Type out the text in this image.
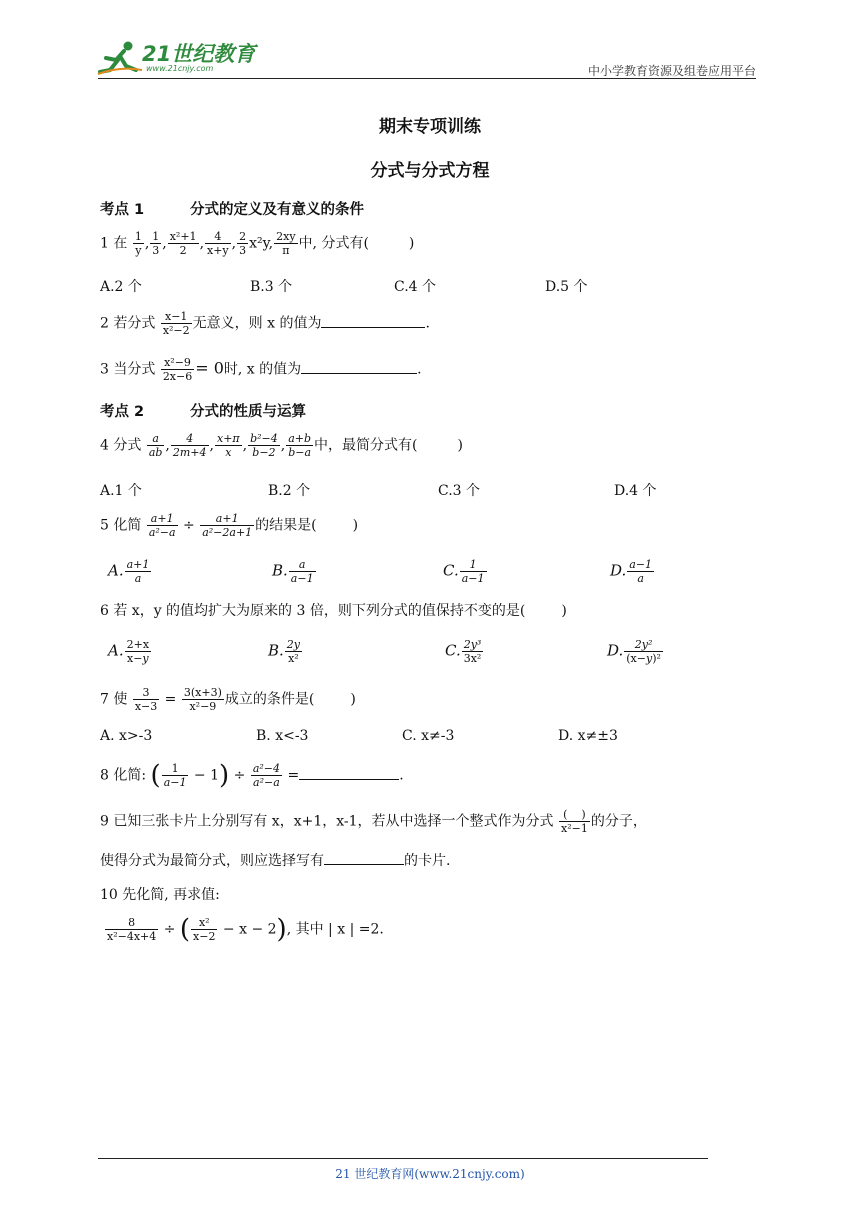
21世纪教育
www.21cnjy.com	中小学教育资源及组卷应用平台
期末专项训练
分式与分式方程
考点 1	分式的定义及有意义的条件
1 在 $\frac{1}{y}$ , $\frac{1}{3}$ , $\frac{\text{x²+1}}{2}$ , $\frac{4}{x+y}$ , $\frac{2}{3} x^2y$, $\frac{2xy}{\pi}$ 中, 分式有(	)
A.2 个	B.3 个	C.4 个	D.5 个
2 若分式 $\frac{x-1}{\text{x²−2}}$ 无意义，则 x 的值为	.
3 当分式 $\frac{\text{x²−9}}{2x-6} = 0$时, x 的值为	.
考点 2	分式的性质与运算
4 分式 $\frac{a}{ab}$ , $\frac{4}{2m+4}$ , $\frac{x+\pi}{x}$ , $\frac{\text{b²−4}}{b-2}$ , $\frac{a+b}{b-a}$ 中，最简分式有(	)
A.1 个	B.2 个	C.3 个	D.4 个
5 化简 $\frac{a+1}{\text{a²−a}} \div \frac{a+1}{\text{a²−2a+1}}$ 的结果是(	)
A. $\frac{a+1}{a}$	B. $\frac{a}{a-1}$	C. $\frac{1}{a-1}$	D. $\frac{a-1}{a}$
6 若 x，y 的值均扩大为原来的 3 倍，则下列分式的值保持不变的是(	)
A. $\frac{2+x}{x-y}$	B. $\frac{2y}{\text{x²}}$	C. $\frac{\text{2y³}}{\text{3x²}}$	D. $\frac{\text{2y²}}{\text{(x−y)²}}$
7 使 $\frac{3}{x-3} = \frac{3(x+3)}{\text{x²−9}}$ 成立的条件是(	)
A. x>-3	B. x<-3	C. x≠-3	D. x≠±3
8 化简: ( $\frac{1}{a-1} - 1) \div \frac{\text{a²−4}}{\text{a²−a}}$ =	.
9 已知三张卡片上分别写有 x，x+1，x-1，若从中选择一个整式作为分式 $\frac{( )}{\text{x²−1}}$ 的分子，
使得分式为最简分式，则应选择写有	的卡片.
10 先化简, 再求值:
$\frac{8}{\text{x²−4x+4}}$ ÷ ( $\frac{\text{x²}}{x-2} - x - 2$), 其中 | x | =2.
21 世纪教育网(www.21cnjy.com)
